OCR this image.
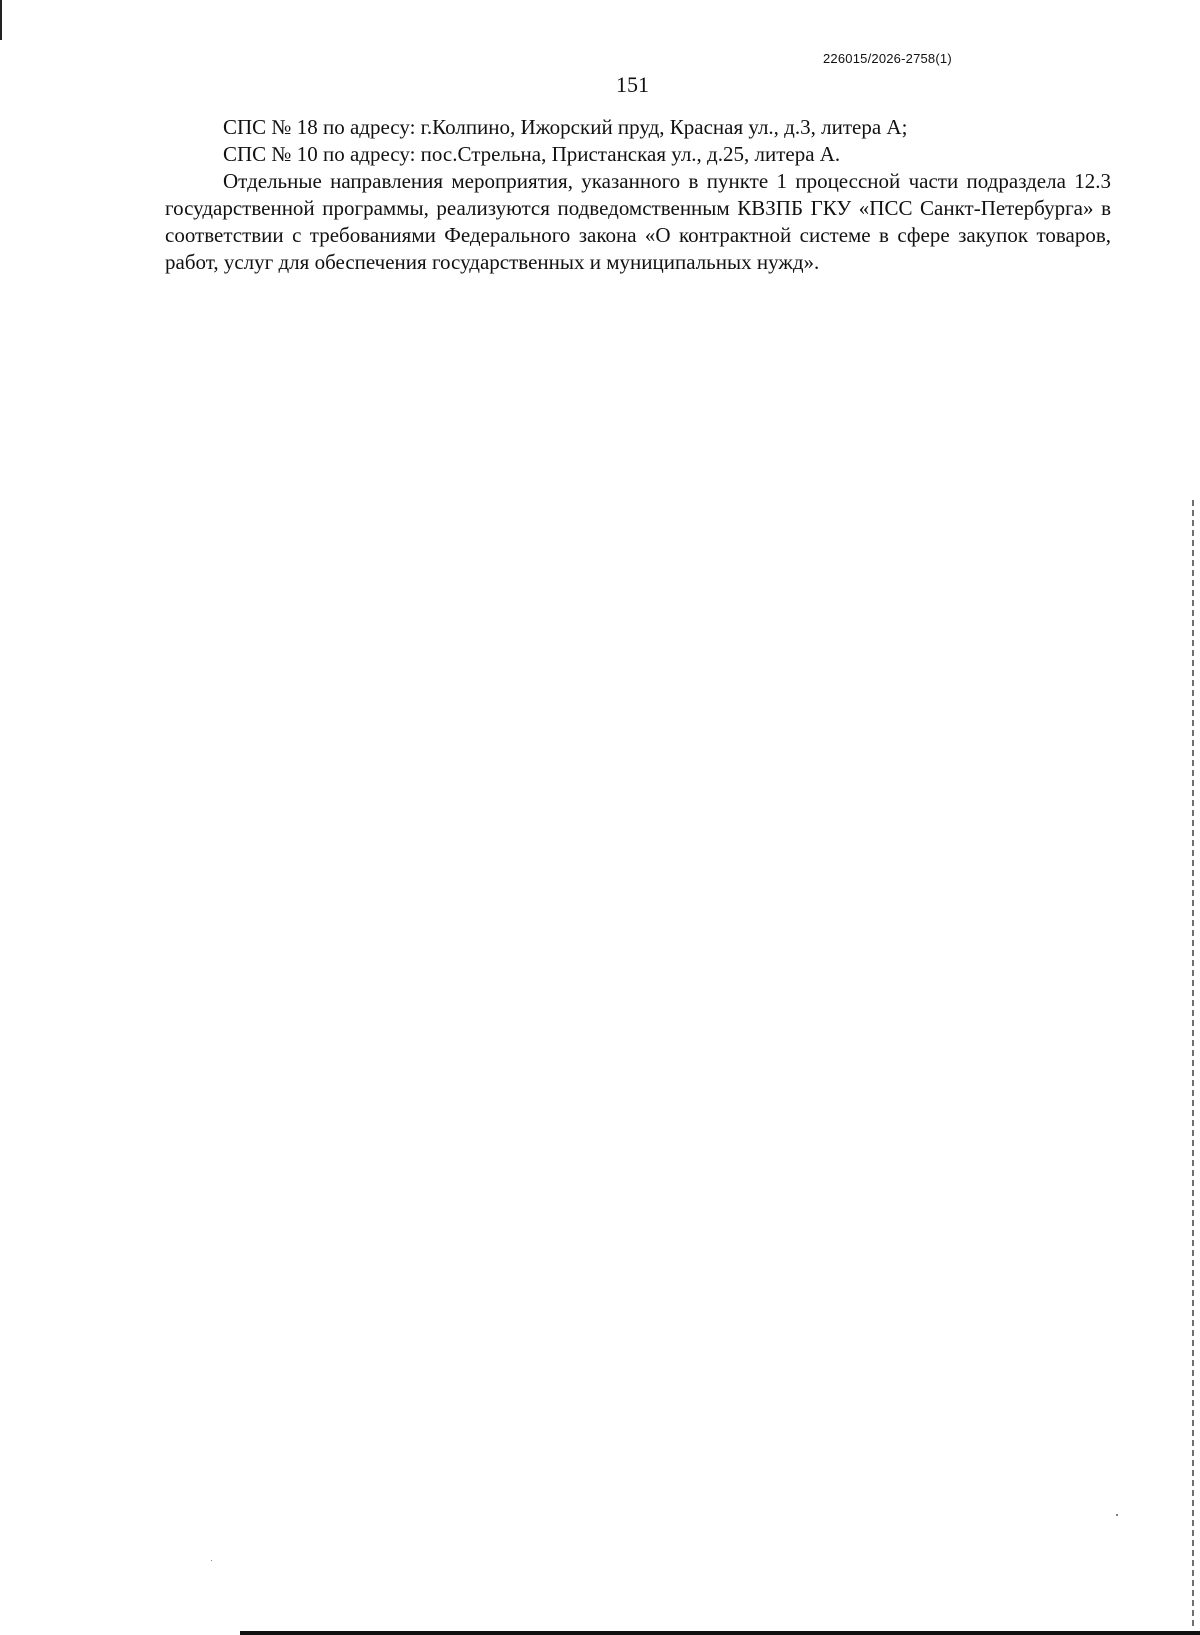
226015/2026-2758(1)
151

СПС № 18 по адресу: г.Колпино, Ижорский пруд, Красная ул., д.3, литера А;

СПС № 10 по адресу: пос.Стрельна, Пристанская ул., д.25, литера А.

Отдельные направления мероприятия, указанного в пункте 1 процессной части подраздела 12.3 государственной программы, реализуются подведомственным КВЗПБ ГКУ «ПСС Санкт-Петербурга» в соответствии с требованиями Федерального закона «О контрактной системе в сфере закупок товаров, работ, услуг для обеспечения государственных и муниципальных нужд».
